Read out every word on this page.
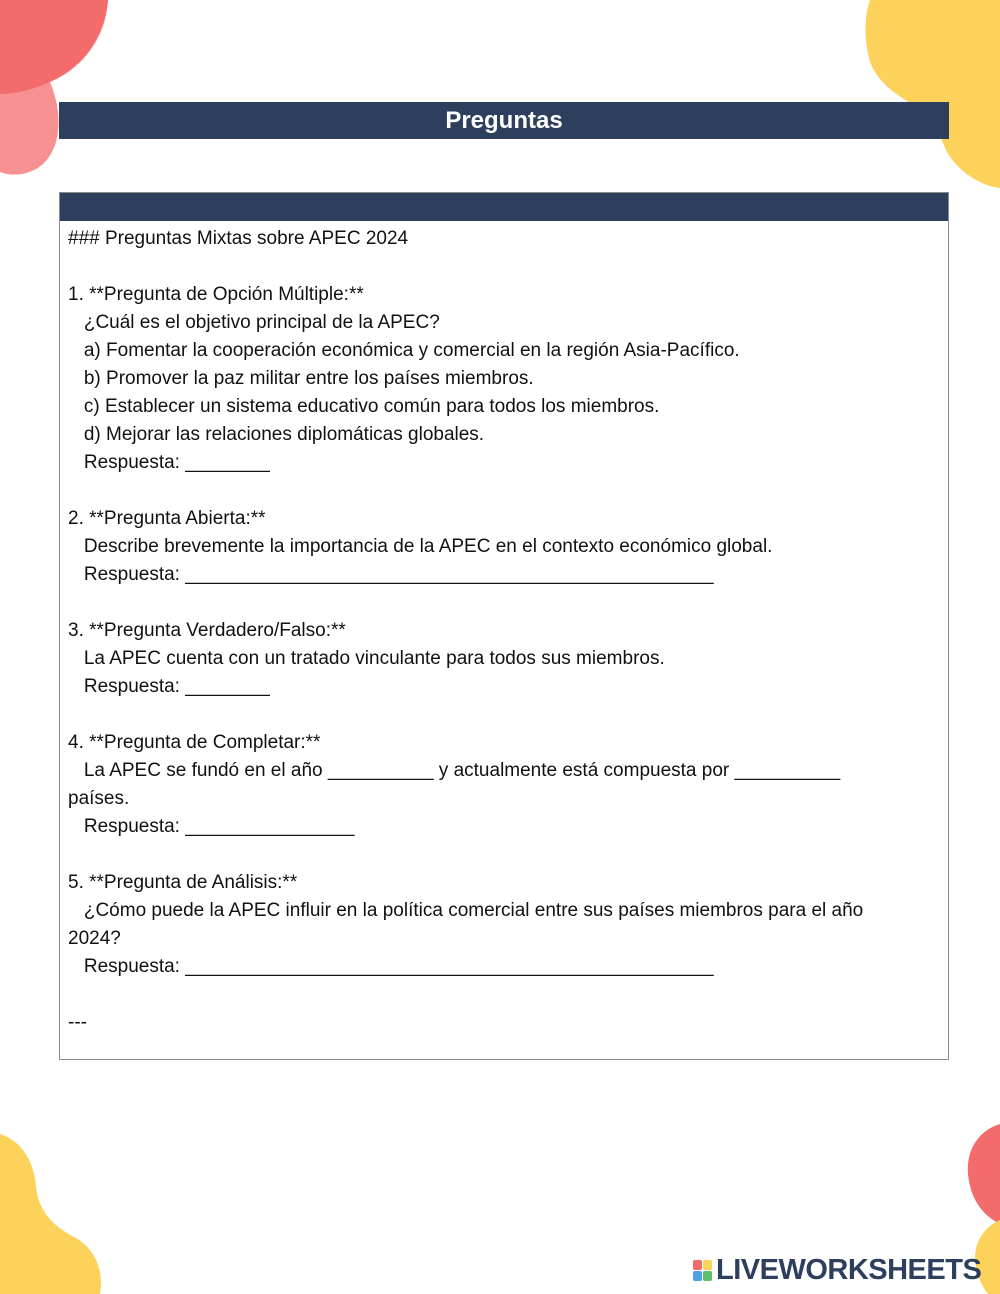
Preguntas
### Preguntas Mixtas sobre APEC 2024
1. **Pregunta de Opción Múltiple:**
¿Cuál es el objetivo principal de la APEC?
a) Fomentar la cooperación económica y comercial en la región Asia-Pacífico.
b) Promover la paz militar entre los países miembros.
c) Establecer un sistema educativo común para todos los miembros.
d) Mejorar las relaciones diplomáticas globales.
Respuesta: ________
2. **Pregunta Abierta:**
Describe brevemente la importancia de la APEC en el contexto económico global.
Respuesta: __________________________________________________
3. **Pregunta Verdadero/Falso:**
La APEC cuenta con un tratado vinculante para todos sus miembros.
Respuesta: ________
4. **Pregunta de Completar:**
La APEC se fundó en el año __________ y actualmente está compuesta por __________
países.
Respuesta: ________________
5. **Pregunta de Análisis:**
¿Cómo puede la APEC influir en la política comercial entre sus países miembros para el año
2024?
Respuesta: __________________________________________________
---
LIVEWORKSHEETS
